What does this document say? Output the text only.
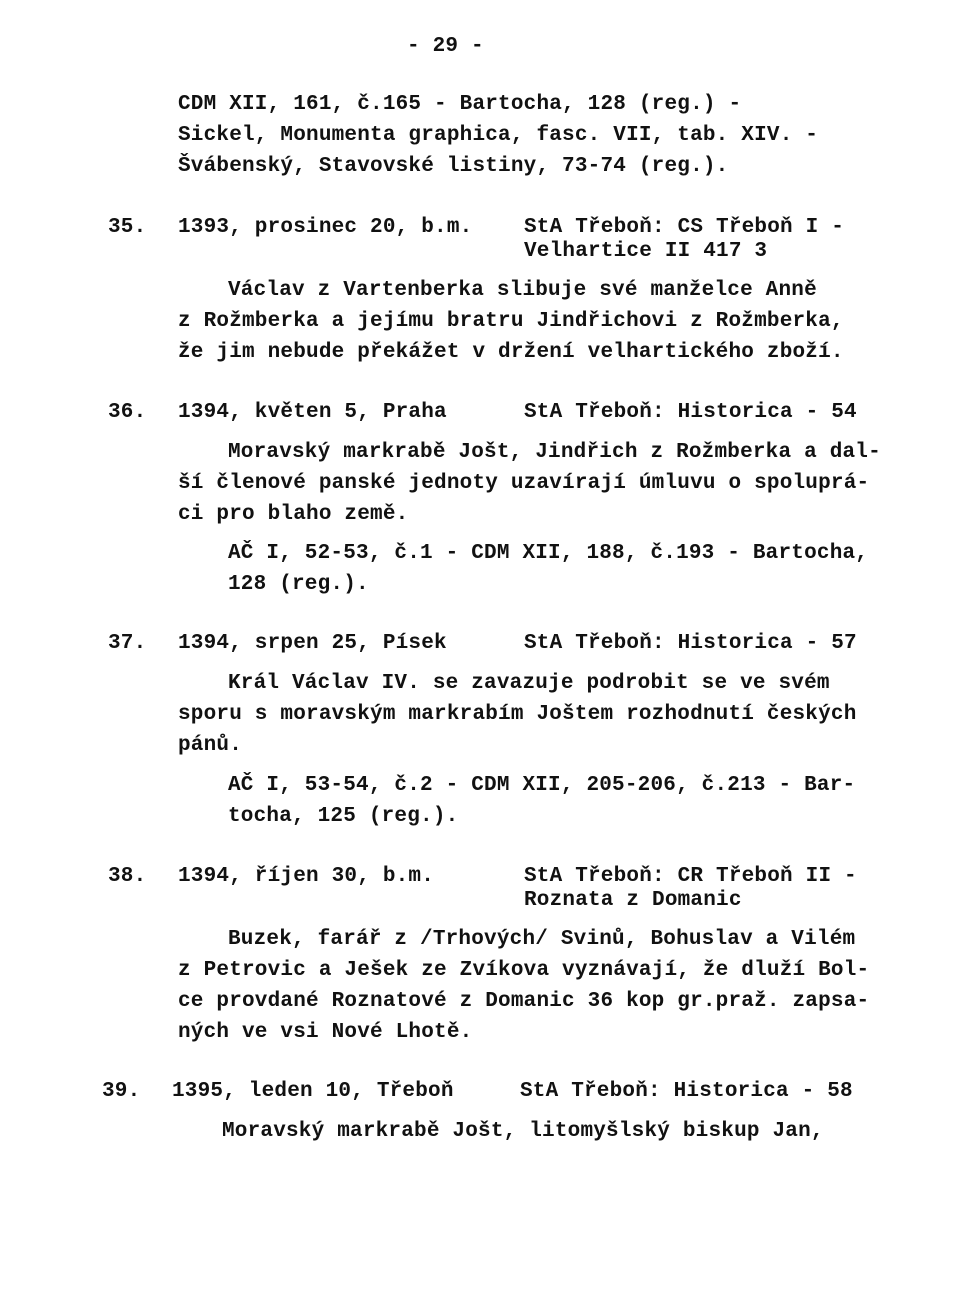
- 29 -
CDM XII, 161, č.165 - Bartocha, 128 (reg.) -
Sickel, Monumenta graphica, fasc. VII, tab. XIV. -
Švábenský, Stavovské listiny, 73-74 (reg.).
35. 1393, prosinec 20, b.m. StA Třeboň: CS Třeboň I -
Velhartice II 417 3
Václav z Vartenberka slibuje své manželce Anně
z Rožmberka a jejímu bratru Jindřichovi z Rožmberka,
že jim nebude překážet v držení velhartického zboží.
36. 1394, květen 5, Praha	StA Třeboň: Historica - 54
Moravský markrabě Jošt, Jindřich z Rožmberka a dal-
ší členové panské jednoty uzavírají úmluvu o spoluprá-
ci pro blaho země.
AČ I, 52-53, č.1 - CDM XII, 188, č.193 - Bartocha,
128 (reg.).
37. 1394, srpen 25, Písek	StA Třeboň: Historica - 57
Král Václav IV. se zavazuje podrobit se ve svém
sporu s moravským markrabím Joštem rozhodnutí českých
pánů.
AČ I, 53-54, č.2 - CDM XII, 205-206, č.213 - Bar-
tocha, 125 (reg.).
38. 1394, říjen 30, b.m.	StA Třeboň: CR Třeboň II -
Roznata z Domanic
Buzek, farář z /Trhových/ Svinů, Bohuslav a Vilém
z Petrovic a Ješek ze Zvíkova vyznávají, že dluží Bol-
ce provdané Roznatové z Domanic 36 kop gr.praž. zapsa-
ných ve vsi Nové Lhotě.
39. 1395, leden 10, Třeboň	StA Třeboň: Historica - 58
Moravský markrabě Jošt, litomyšlský biskup Jan,
